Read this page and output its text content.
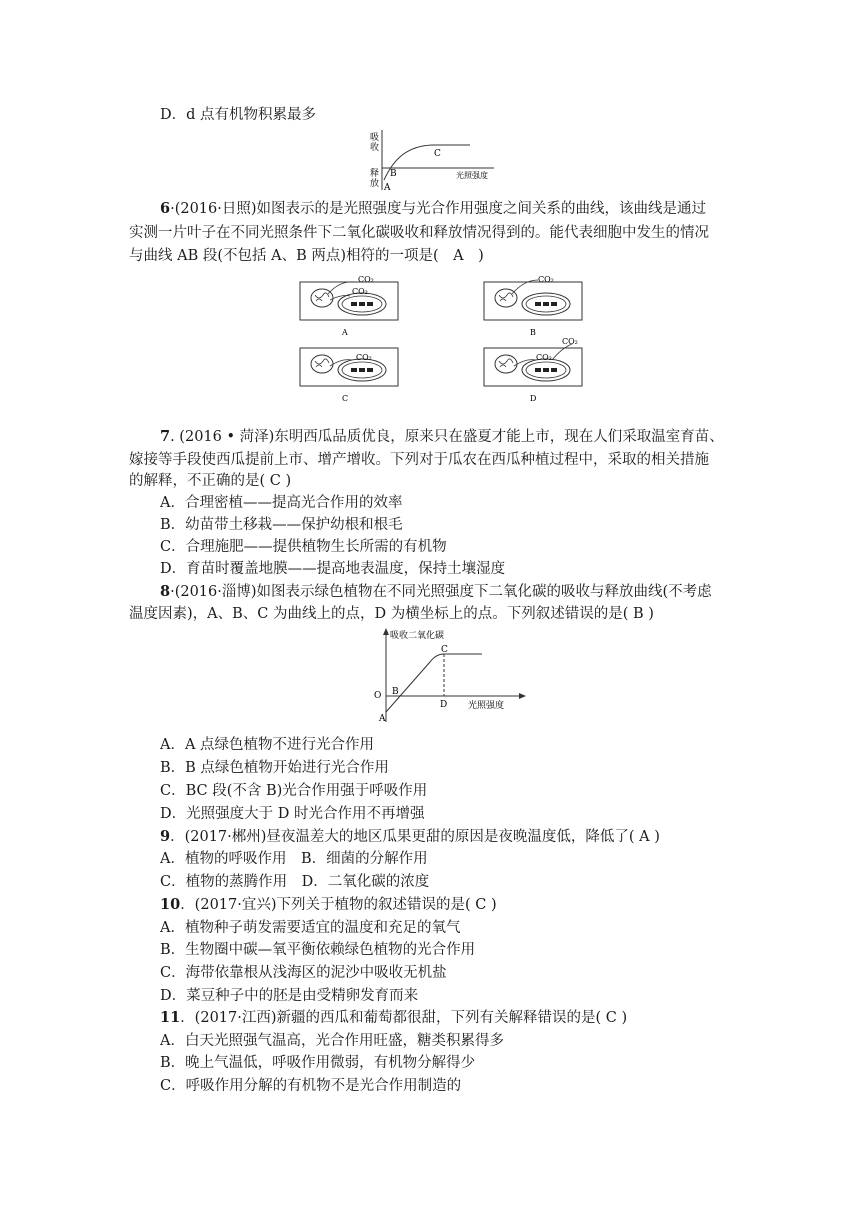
D．d 点有机物积累最多
吸
收
释
放 A
B
C
光照强度
6·(2016·日照)如图表示的是光照强度与光合作用强度之间关系的曲线，该曲线是通过
实测一片叶子在不同光照条件下二氧化碳吸收和释放情况得到的。能代表细胞中发生的情况
与曲线 AB 段(不包括 A、B 两点)相符的一项是(　A　)
CO₂
CO₂
A
CO₂
B
CO₂
C
CO₂
CO₂
D
7. (2016 • 菏泽)东明西瓜品质优良，原来只在盛夏才能上市，现在人们采取温室育苗、
嫁接等手段使西瓜提前上市、增产增收。下列对于瓜农在西瓜种植过程中，采取的相关措施
的解释，不正确的是( C )
A．合理密植——提高光合作用的效率
B．幼苗带土移栽——保护幼根和根毛
C．合理施肥——提供植物生长所需的有机物
D．育苗时覆盖地膜——提高地表温度，保持土壤湿度
8·(2016·淄博)如图表示绿色植物在不同光照强度下二氧化碳的吸收与释放曲线(不考虑
温度因素)，A、B、C 为曲线上的点，D 为横坐标上的点。下列叙述错误的是( B )
吸收二氧化碳
C
O B
D 光照强度
A
A．A 点绿色植物不进行光合作用
B．B 点绿色植物开始进行光合作用
C．BC 段(不含 B)光合作用强于呼吸作用
D．光照强度大于 D 时光合作用不再增强
9．(2017·郴州)昼夜温差大的地区瓜果更甜的原因是夜晚温度低，降低了( A )
A．植物的呼吸作用　B．细菌的分解作用
C．植物的蒸腾作用　D．二氧化碳的浓度
10．(2017·宜兴)下列关于植物的叙述错误的是( C )
A．植物种子萌发需要适宜的温度和充足的氧气
B．生物圈中碳—氧平衡依赖绿色植物的光合作用
C．海带依靠根从浅海区的泥沙中吸收无机盐
D．菜豆种子中的胚是由受精卵发育而来
11．(2017·江西)新疆的西瓜和葡萄都很甜，下列有关解释错误的是( C )
A．白天光照强气温高，光合作用旺盛，糖类积累得多
B．晚上气温低，呼吸作用微弱，有机物分解得少
C．呼吸作用分解的有机物不是光合作用制造的
